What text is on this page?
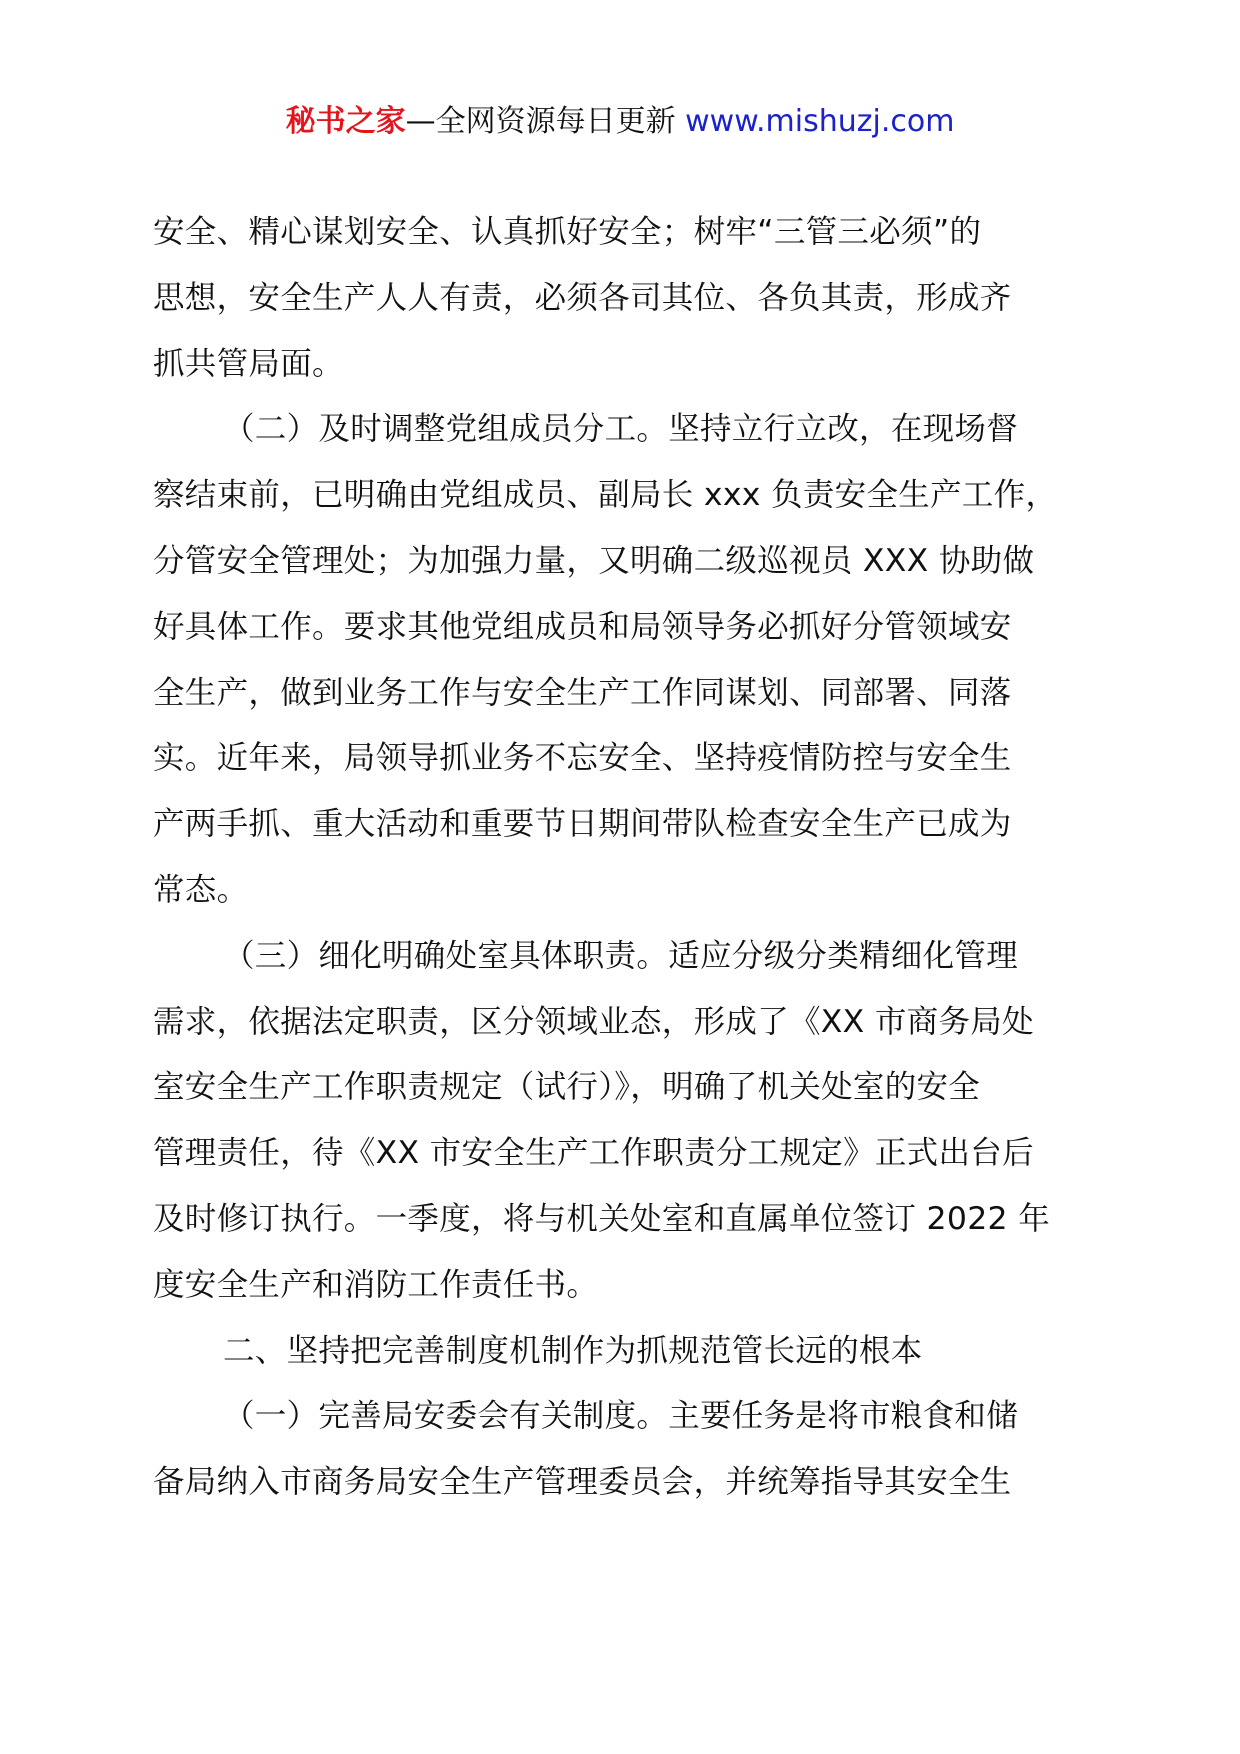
秘书之家—全网资源每日更新 www.mishuzj.com
安全、精心谋划安全、认真抓好安全；树牢“三管三必须”的
思想，安全生产人人有责，必须各司其位、各负其责，形成齐
抓共管局面。
（二）及时调整党组成员分工。坚持立行立改，在现场督
察结束前，已明确由党组成员、副局长 xxx 负责安全生产工作，
分管安全管理处；为加强力量，又明确二级巡视员 XXX 协助做
好具体工作。要求其他党组成员和局领导务必抓好分管领域安
全生产，做到业务工作与安全生产工作同谋划、同部署、同落
实。近年来，局领导抓业务不忘安全、坚持疫情防控与安全生
产两手抓、重大活动和重要节日期间带队检查安全生产已成为
常态。
（三）细化明确处室具体职责。适应分级分类精细化管理
需求，依据法定职责，区分领域业态，形成了《XX 市商务局处
室安全生产工作职责规定（试行）》，明确了机关处室的安全
管理责任，待《XX 市安全生产工作职责分工规定》正式出台后
及时修订执行。一季度，将与机关处室和直属单位签订 2022 年
度安全生产和消防工作责任书。
二、坚持把完善制度机制作为抓规范管长远的根本
（一）完善局安委会有关制度。主要任务是将市粮食和储
备局纳入市商务局安全生产管理委员会，并统筹指导其安全生
